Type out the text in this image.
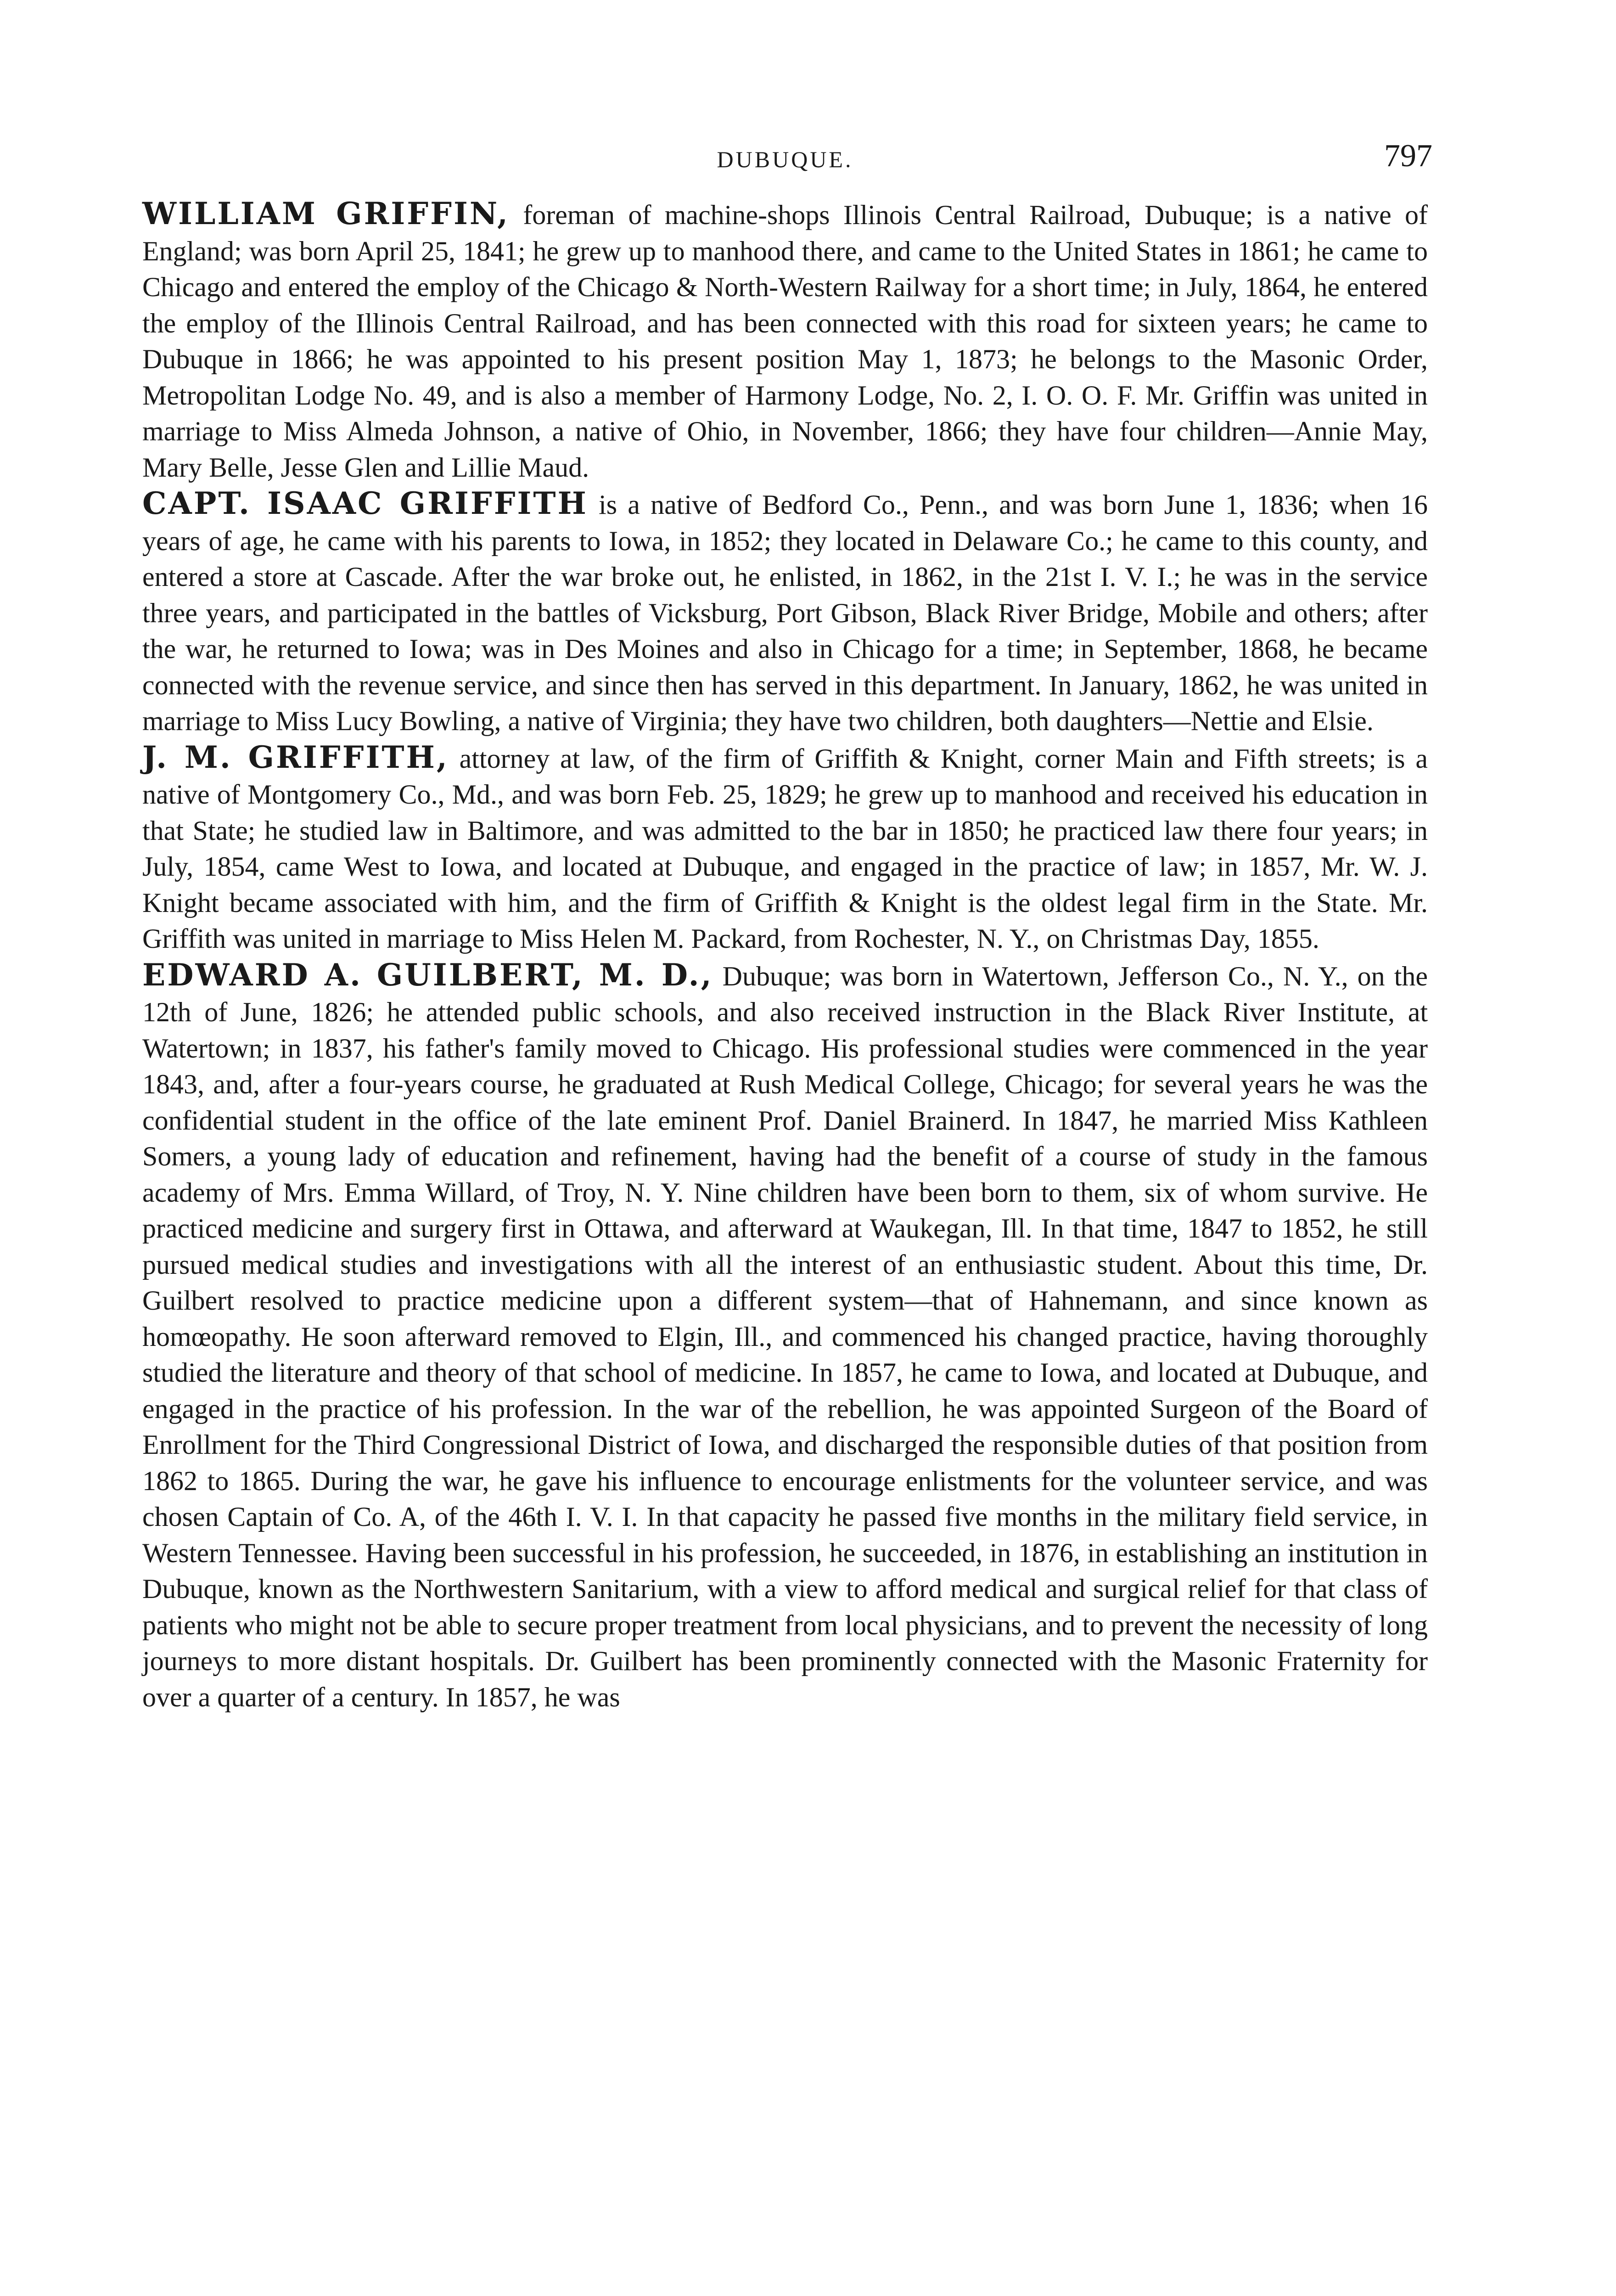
DUBUQUE.	797

WILLIAM GRIFFIN, foreman of machine-shops Illinois Central Railroad, Dubuque; is a native of England; was born April 25, 1841; he grew up to manhood there, and came to the United States in 1861; he came to Chicago and entered the employ of the Chicago & North-Western Railway for a short time; in July, 1864, he entered the employ of the Illinois Central Railroad, and has been connected with this road for sixteen years; he came to Dubuque in 1866; he was appointed to his present position May 1, 1873; he belongs to the Masonic Order, Metropolitan Lodge No. 49, and is also a member of Harmony Lodge, No. 2, I. O. O. F. Mr. Griffin was united in marriage to Miss Almeda Johnson, a native of Ohio, in November, 1866; they have four children—Annie May, Mary Belle, Jesse Glen and Lillie Maud.

CAPT. ISAAC GRIFFITH is a native of Bedford Co., Penn., and was born June 1, 1836; when 16 years of age, he came with his parents to Iowa, in 1852; they located in Delaware Co.; he came to this county, and entered a store at Cascade. After the war broke out, he enlisted, in 1862, in the 21st I. V. I.; he was in the service three years, and participated in the battles of Vicksburg, Port Gibson, Black River Bridge, Mobile and others; after the war, he returned to Iowa; was in Des Moines and also in Chicago for a time; in September, 1868, he became connected with the revenue service, and since then has served in this department. In January, 1862, he was united in marriage to Miss Lucy Bowling, a native of Virginia; they have two children, both daughters—Nettie and Elsie.

J. M. GRIFFITH, attorney at law, of the firm of Griffith & Knight, corner Main and Fifth streets; is a native of Montgomery Co., Md., and was born Feb. 25, 1829; he grew up to manhood and received his education in that State; he studied law in Baltimore, and was admitted to the bar in 1850; he practiced law there four years; in July, 1854, came West to Iowa, and located at Dubuque, and engaged in the practice of law; in 1857, Mr. W. J. Knight became associated with him, and the firm of Griffith & Knight is the oldest legal firm in the State. Mr. Griffith was united in marriage to Miss Helen M. Packard, from Rochester, N. Y., on Christmas Day, 1855.

EDWARD A. GUILBERT, M. D., Dubuque; was born in Watertown, Jefferson Co., N. Y., on the 12th of June, 1826; he attended public schools, and also received instruction in the Black River Institute, at Watertown; in 1837, his father's family moved to Chicago. His professional studies were commenced in the year 1843, and, after a four-years course, he graduated at Rush Medical College, Chicago; for several years he was the confidential student in the office of the late eminent Prof. Daniel Brainerd. In 1847, he married Miss Kathleen Somers, a young lady of education and refinement, having had the benefit of a course of study in the famous academy of Mrs. Emma Willard, of Troy, N. Y. Nine children have been born to them, six of whom survive. He practiced medicine and surgery first in Ottawa, and afterward at Waukegan, Ill. In that time, 1847 to 1852, he still pursued medical studies and investigations with all the interest of an enthusiastic student. About this time, Dr. Guilbert resolved to practice medicine upon a different system—that of Hahnemann, and since known as homœopathy. He soon afterward removed to Elgin, Ill., and commenced his changed practice, having thoroughly studied the literature and theory of that school of medicine. In 1857, he came to Iowa, and located at Dubuque, and engaged in the practice of his profession. In the war of the rebellion, he was appointed Surgeon of the Board of Enrollment for the Third Congressional District of Iowa, and discharged the responsible duties of that position from 1862 to 1865. During the war, he gave his influence to encourage enlistments for the volunteer service, and was chosen Captain of Co. A, of the 46th I. V. I. In that capacity he passed five months in the military field service, in Western Tennessee. Having been successful in his profession, he succeeded, in 1876, in establishing an institution in Dubuque, known as the Northwestern Sanitarium, with a view to afford medical and surgical relief for that class of patients who might not be able to secure proper treatment from local physicians, and to prevent the necessity of long journeys to more distant hospitals. Dr. Guilbert has been prominently connected with the Masonic Fraternity for over a quarter of a century. In 1857, he was
